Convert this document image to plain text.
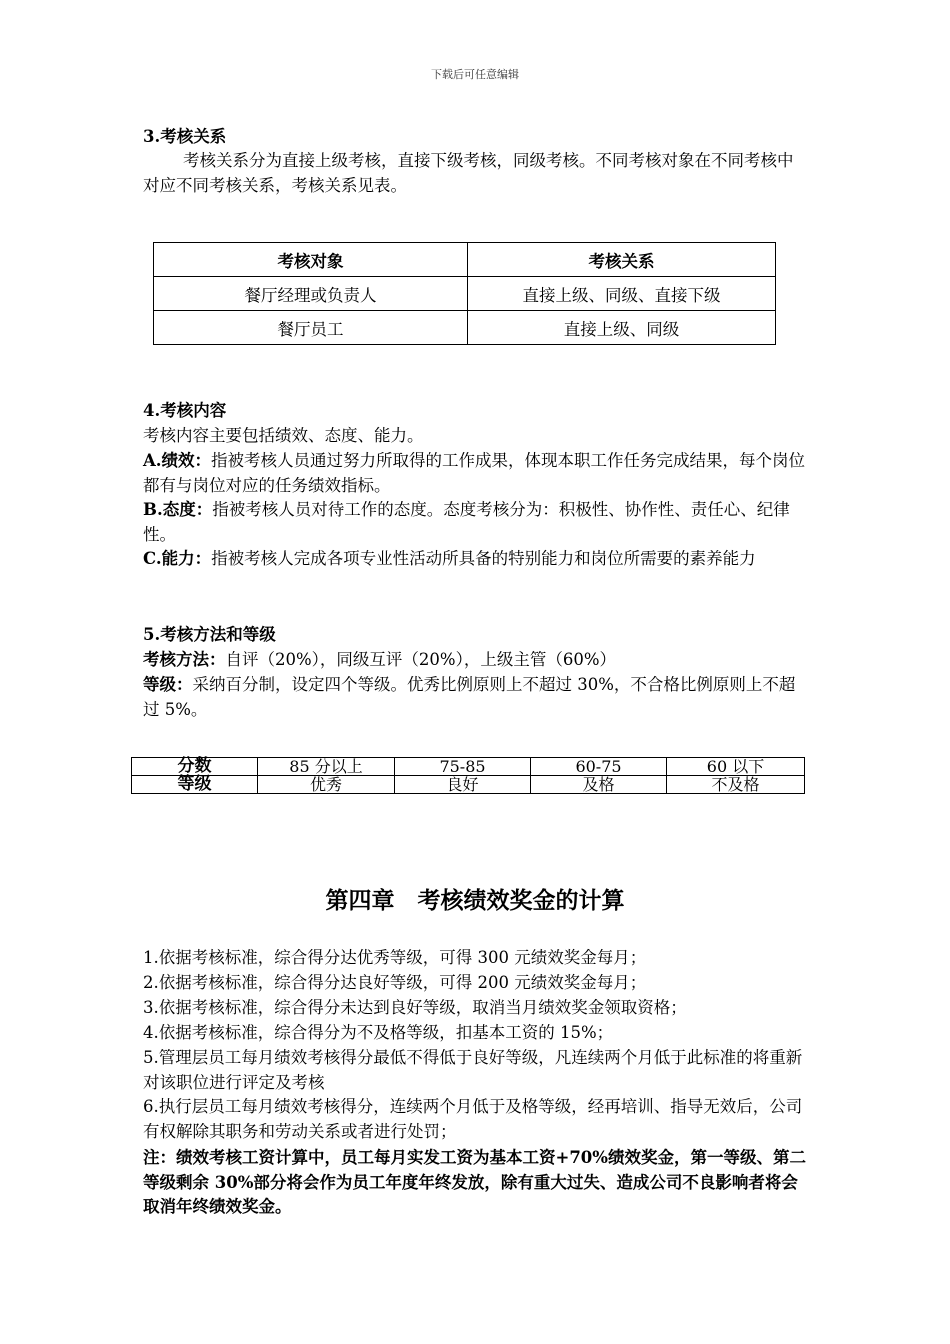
下载后可任意编辑

3.考核关系

考核关系分为直接上级考核，直接下级考核，同级考核。不同考核对象在不同考核中对应不同考核关系，考核关系见表。

考核对象	考核关系
餐厅经理或负责人	直接上级、同级、直接下级
餐厅员工	直接上级、同级

4.考核内容

考核内容主要包括绩效、态度、能力。

A.绩效：指被考核人员通过努力所取得的工作成果，体现本职工作任务完成结果，每个岗位都有与岗位对应的任务绩效指标。

B.态度：指被考核人员对待工作的态度。态度考核分为：积极性、协作性、责任心、纪律性。

C.能力：指被考核人完成各项专业性活动所具备的特别能力和岗位所需要的素养能力

5.考核方法和等级

考核方法：自评（20%），同级互评（20%），上级主管（60%）

等级：采纳百分制，设定四个等级。优秀比例原则上不超过 30%，不合格比例原则上不超过 5%。

分数	85 分以上	75-85	60-75	60 以下
等级	优秀	良好	及格	不及格
第四章　考核绩效奖金的计算

1.依据考核标准，综合得分达优秀等级，可得 300 元绩效奖金每月；

2.依据考核标准，综合得分达良好等级，可得 200 元绩效奖金每月；

3.依据考核标准，综合得分未达到良好等级，取消当月绩效奖金领取资格；

4.依据考核标准，综合得分为不及格等级，扣基本工资的 15%；

5.管理层员工每月绩效考核得分最低不得低于良好等级，凡连续两个月低于此标准的将重新对该职位进行评定及考核

6.执行层员工每月绩效考核得分，连续两个月低于及格等级，经再培训、指导无效后，公司有权解除其职务和劳动关系或者进行处罚；

注：绩效考核工资计算中，员工每月实发工资为基本工资+70%绩效奖金，第一等级、第二等级剩余 30%部分将会作为员工年度年终发放，除有重大过失、造成公司不良影响者将会取消年终绩效奖金。
